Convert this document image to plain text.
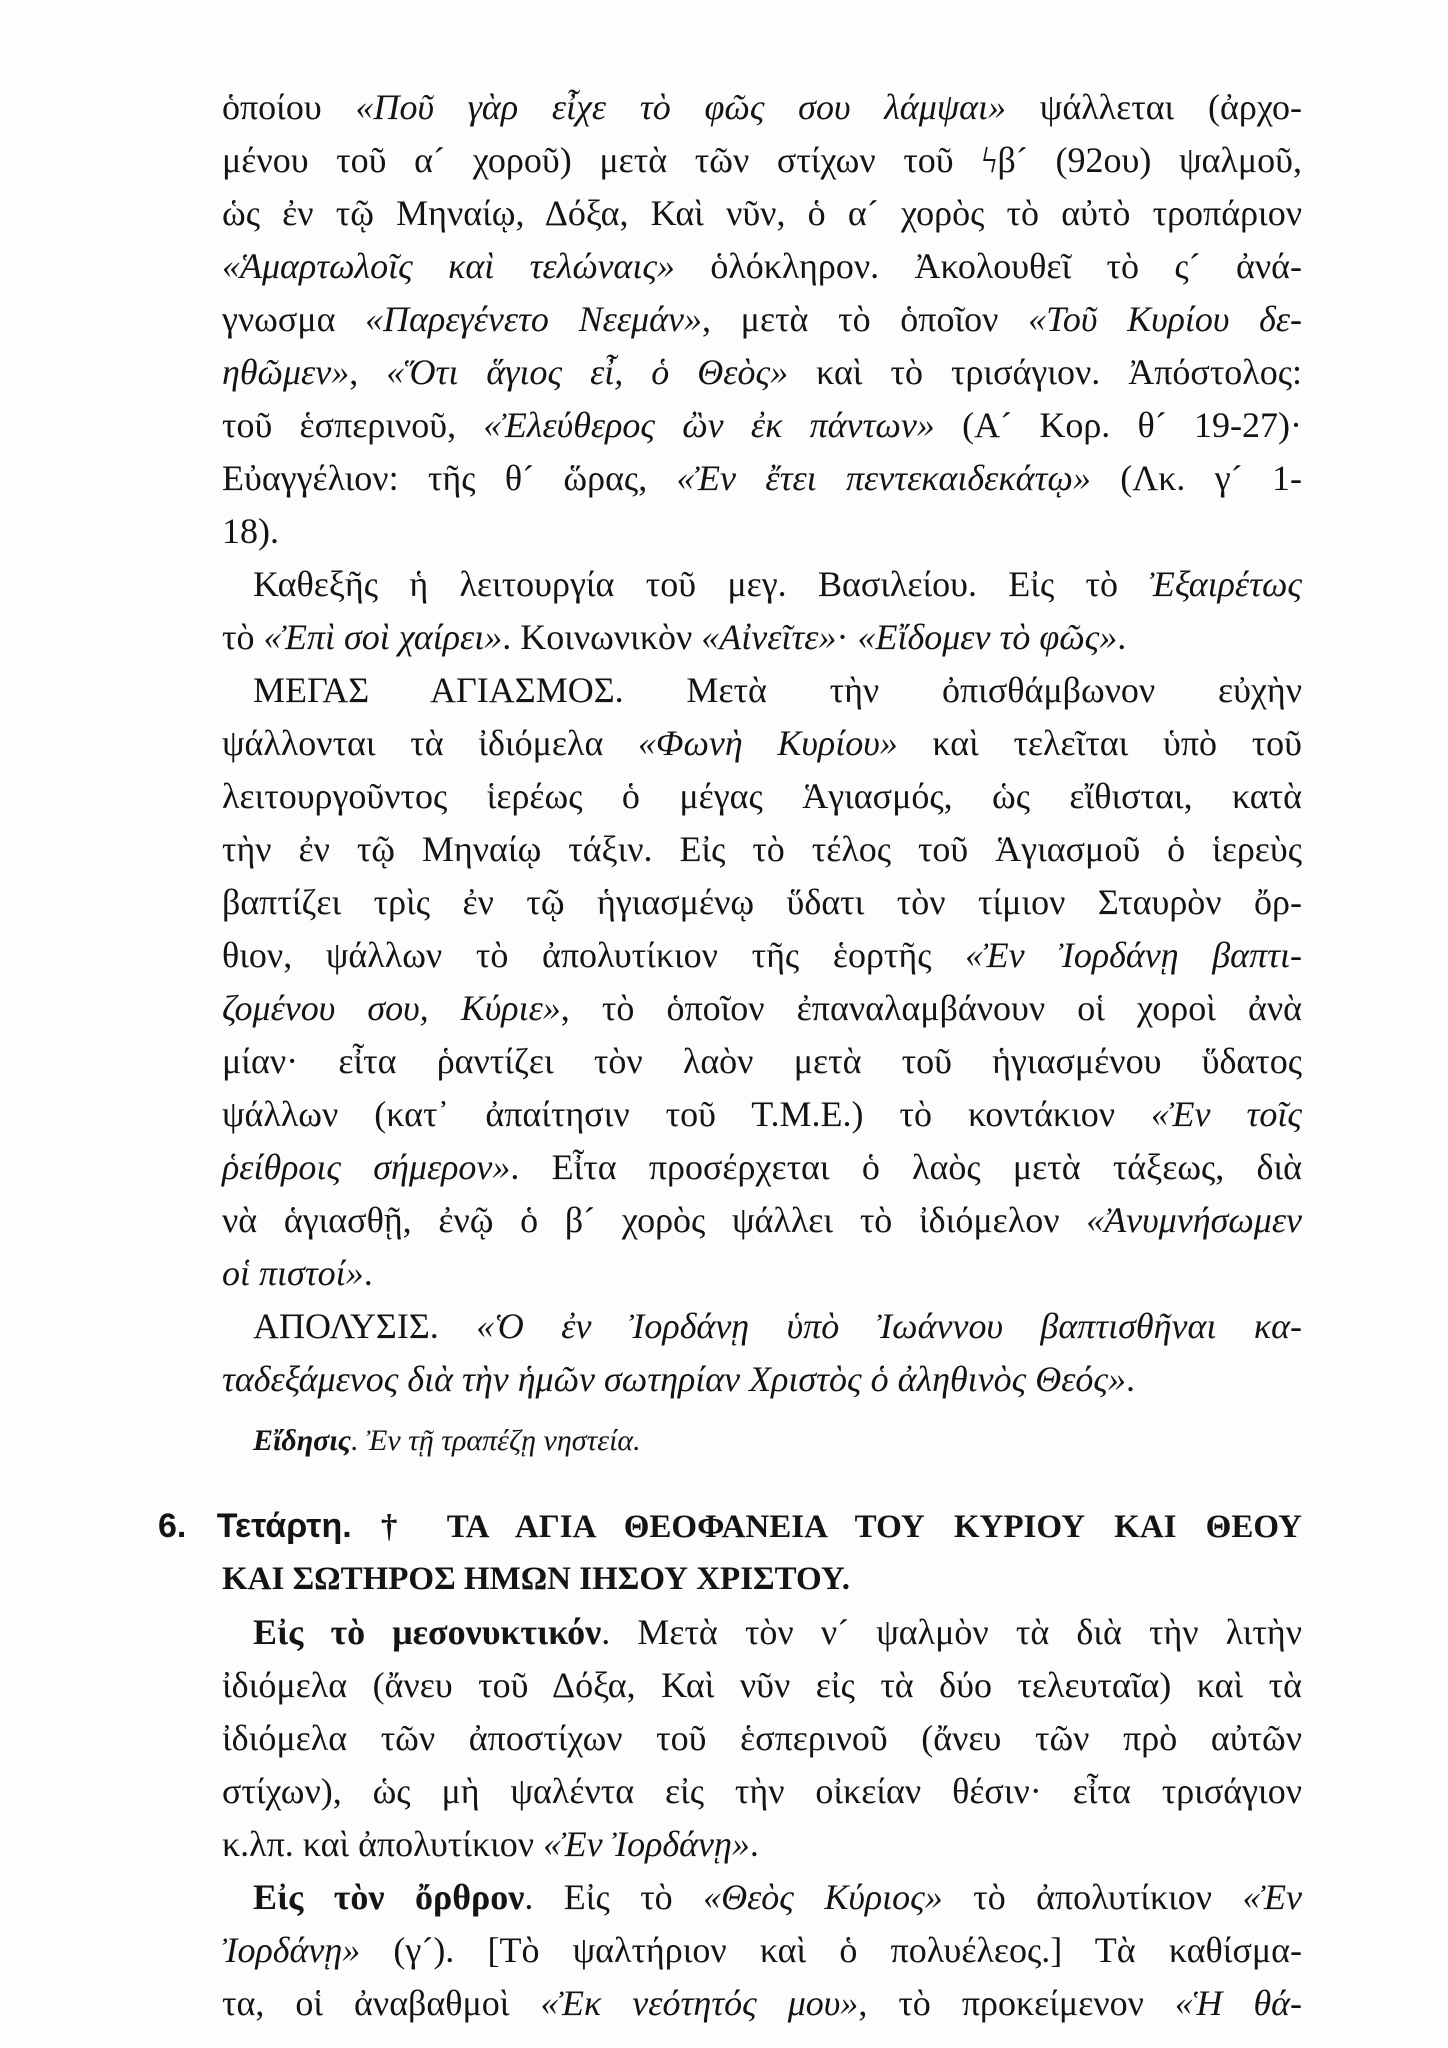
ὁποίου «Ποῦ γὰρ εἶχε τὸ φῶς σου λάμψαι» ψάλλεται (ἀρχο-
μένου τοῦ α´ χοροῦ) μετὰ τῶν στίχων τοῦ ϟβ´ (92ου) ψαλμοῦ,
ὡς ἐν τῷ Μηναίῳ, Δόξα, Καὶ νῦν, ὁ α´ χορὸς τὸ αὐτὸ τροπάριον
«Ἁμαρτωλοῖς καὶ τελώναις» ὁλόκληρον. Ἀκολουθεῖ τὸ ς´ ἀνά-
γνωσμα «Παρεγένετο Νεεμάν», μετὰ τὸ ὁποῖον «Τοῦ Κυρίου δε-
ηθῶμεν», «Ὅτι ἅγιος εἶ, ὁ Θεὸς» καὶ τὸ τρισάγιον. Ἀπόστολος:
τοῦ ἑσπερινοῦ, «Ἐλεύθερος ὢν ἐκ πάντων» (Α´ Κορ. θ´ 19-27)·
Εὐαγγέλιον: τῆς θ´ ὥρας, «Ἐν ἔτει πεντεκαιδεκάτῳ» (Λκ. γ´ 1-
18).
Καθεξῆς ἡ λειτουργία τοῦ μεγ. Βασιλείου. Εἰς τὸ Ἐξαιρέτως
τὸ «Ἐπὶ σοὶ χαίρει». Κοινωνικὸν «Αἰνεῖτε»· «Εἴδομεν τὸ φῶς».
ΜΕΓΑΣ ΑΓΙΑΣΜΟΣ. Μετὰ τὴν ὀπισθάμβωνον εὐχὴν
ψάλλονται τὰ ἰδιόμελα «Φωνὴ Κυρίου» καὶ τελεῖται ὑπὸ τοῦ
λειτουργοῦντος ἱερέως ὁ μέγας Ἁγιασμός, ὡς εἴθισται, κατὰ
τὴν ἐν τῷ Μηναίῳ τάξιν. Εἰς τὸ τέλος τοῦ Ἁγιασμοῦ ὁ ἱερεὺς
βαπτίζει τρὶς ἐν τῷ ἡγιασμένῳ ὕδατι τὸν τίμιον Σταυρὸν ὄρ-
θιον, ψάλλων τὸ ἀπολυτίκιον τῆς ἑορτῆς «Ἐν Ἰορδάνῃ βαπτι-
ζομένου σου, Κύριε», τὸ ὁποῖον ἐπαναλαμβάνουν οἱ χοροὶ ἀνὰ
μίαν· εἶτα ῥαντίζει τὸν λαὸν μετὰ τοῦ ἡγιασμένου ὕδατος
ψάλλων (κατ᾽ ἀπαίτησιν τοῦ Τ.Μ.Ε.) τὸ κοντάκιον «Ἐν τοῖς
ῥείθροις σήμερον». Εἶτα προσέρχεται ὁ λαὸς μετὰ τάξεως, διὰ
νὰ ἁγιασθῇ, ἐνῷ ὁ β´ χορὸς ψάλλει τὸ ἰδιόμελον «Ἀνυμνήσωμεν
οἱ πιστοί».
ΑΠΟΛΥΣΙΣ. «Ὁ ἐν Ἰορδάνῃ ὑπὸ Ἰωάννου βαπτισθῆναι κα-
ταδεξάμενος διὰ τὴν ἡμῶν σωτηρίαν Χριστὸς ὁ ἀληθινὸς Θεός».
Εἴδησις. Ἐν τῇ τραπέζῃ νηστεία.
6. Τετάρτη. † ΤΑ ΑΓΙΑ ΘΕΟΦΑΝΕΙΑ ΤΟΥ ΚΥΡΙΟΥ ΚΑΙ ΘΕΟΥ
ΚΑΙ ΣΩΤΗΡΟΣ ΗΜΩΝ ΙΗΣΟΥ ΧΡΙΣΤΟΥ.
Εἰς τὸ μεσονυκτικόν. Μετὰ τὸν ν´ ψαλμὸν τὰ διὰ τὴν λιτὴν
ἰδιόμελα (ἄνευ τοῦ Δόξα, Καὶ νῦν εἰς τὰ δύο τελευταῖα) καὶ τὰ
ἰδιόμελα τῶν ἀποστίχων τοῦ ἑσπερινοῦ (ἄνευ τῶν πρὸ αὐτῶν
στίχων), ὡς μὴ ψαλέντα εἰς τὴν οἰκείαν θέσιν· εἶτα τρισάγιον
κ.λπ. καὶ ἀπολυτίκιον «Ἐν Ἰορδάνῃ».
Εἰς τὸν ὄρθρον. Εἰς τὸ «Θεὸς Κύριος» τὸ ἀπολυτίκιον «Ἐν
Ἰορδάνῃ» (γ´). [Τὸ ψαλτήριον καὶ ὁ πολυέλεος.] Τὰ καθίσμα-
τα, οἱ ἀναβαθμοὶ «Ἐκ νεότητός μου», τὸ προκείμενον «Ἡ θά-
